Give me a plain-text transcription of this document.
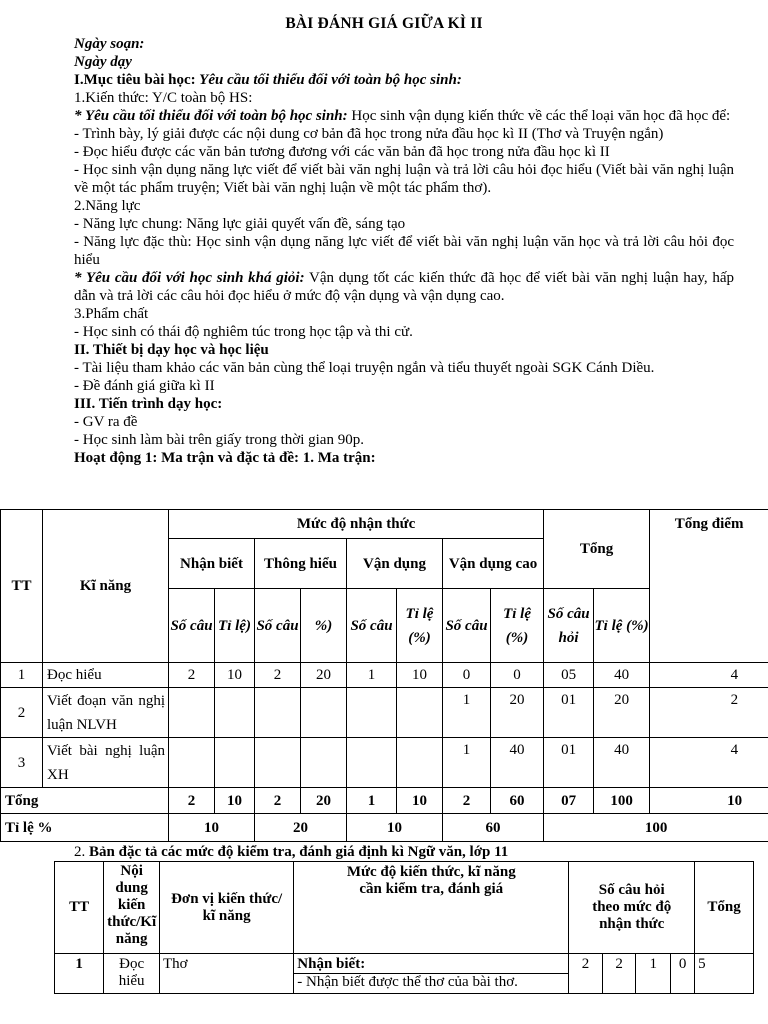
BÀI ĐÁNH GIÁ GIỮA KÌ II

Ngày soạn:

Ngày dạy

I.Mục tiêu bài học: Yêu cầu tối thiểu đối với toàn bộ học sinh:

1.Kiến thức: Y/C toàn bộ HS:

* Yêu cầu tối thiểu đối với toàn bộ học sinh: Học sinh vận dụng kiến thức về các thể loại văn học đã học để:

- Trình bày, lý giải được các nội dung cơ bản đã học trong nửa đầu học kì II (Thơ và Truyện ngắn)

- Đọc hiểu được các văn bản tương đương với các văn bản đã học trong nửa đầu học kì II

- Học sinh vận dụng năng lực viết để viết bài văn nghị luận và trả lời câu hỏi đọc hiểu (Viết bài văn nghị luận về một tác phẩm truyện; Viết bài văn nghị luận về một tác phẩm thơ).

2.Năng lực

- Năng lực chung: Năng lực giải quyết vấn đề, sáng tạo

- Năng lực đặc thù: Học sinh vận dụng năng lực viết để viết bài văn nghị luận văn học và trả lời câu hỏi đọc hiểu

* Yêu cầu đối với học sinh khá giỏi: Vận dụng tốt các kiến thức đã học để viết bài văn nghị luận hay, hấp dẫn và trả lời các câu hỏi đọc hiểu ở mức độ vận dụng và vận dụng cao.

3.Phẩm chất

- Học sinh có thái độ nghiêm túc trong học tập và thi cử.

II. Thiết bị dạy học và học liệu

- Tài liệu tham khảo các văn bản cùng thể loại truyện ngắn và tiểu thuyết ngoài SGK Cánh Diều.

- Đề đánh giá giữa kì II

III. Tiến trình dạy học:

- GV ra đề

- Học sinh làm bài trên giấy trong thời gian 90p.

Hoạt động 1: Ma trận và đặc tả đề: 1. Ma trận:

TT	Kĩ năng	Mức độ nhận thức								Tổng		Tổng điểm
		Nhận biết		Thông hiểu		Vận dụng		Vận dụng cao				
		Số câu	Tỉ lệ)	Số câu	%)	Số câu	Tỉ lệ (%)	Số câu	Tỉ lệ (%)	Số câu hỏi	Tỉ lệ (%)	
1	Đọc hiểu	2	10	2	20	1	10	0	0	05	40	4
2	Viết đoạn văn nghị luận NLVH							1	20	01	20	2
3	Viết bài nghị luận XH							1	40	01	40	4
Tổng		2	10	2	20	1	10	2	60	07	100	10
Tỉ lệ %		10		20		10		60		100		
2. Bản đặc tả các mức độ kiểm tra, đánh giá định kì Ngữ văn, lớp 11
TT	Nội dung kiến thức/Kĩ năng	Đơn vị kiến thức/ kĩ năng	Mức độ kiến thức, kĩ năng cần kiểm tra, đánh giá	Số câu hỏi theo mức độ nhận thức				Tổng
1	Đọc hiểu	Thơ	Nhận biết:
- Nhận biết được thể thơ của bài thơ.	2	2	1	0	5
